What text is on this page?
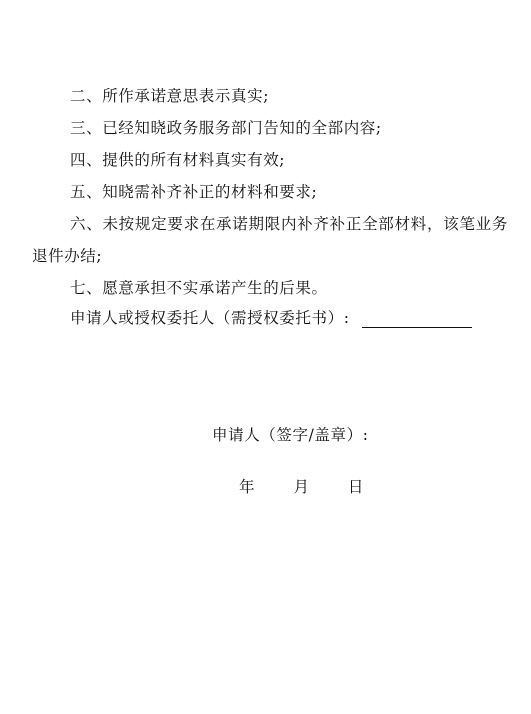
二、所作承诺意思表示真实;

三、已经知晓政务服务部门告知的全部内容;

四、提供的所有材料真实有效;

五、知晓需补齐补正的材料和要求;

六、未按规定要求在承诺期限内补齐补正全部材料，该笔业务退件办结;

七、愿意承担不实承诺产生的后果。

申请人或授权委托人（需授权委托书）:
申请人（签字/盖章）:
年	月	日
